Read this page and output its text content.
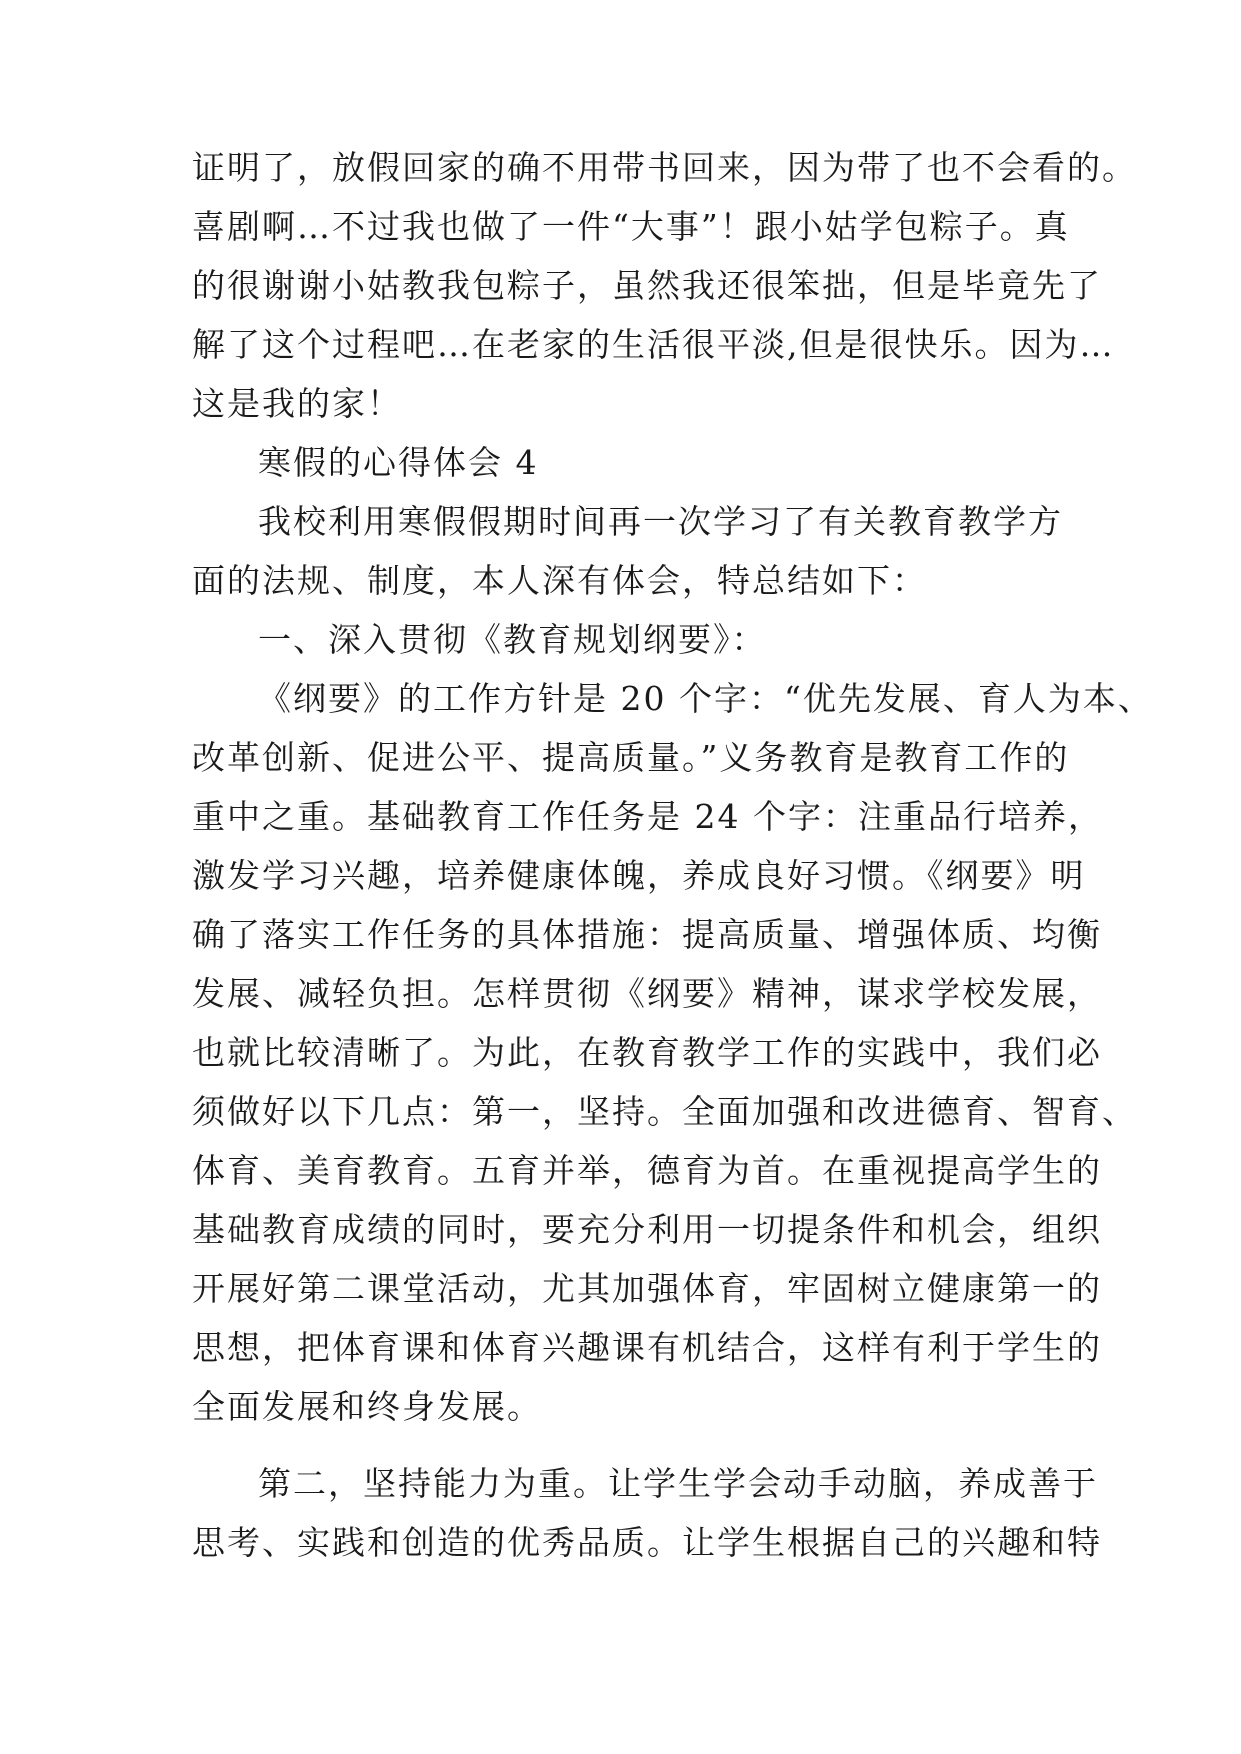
证明了，放假回家的确不用带书回来，因为带了也不会看的。
喜剧啊…不过我也做了一件“大事”！跟小姑学包粽子。真
的很谢谢小姑教我包粽子，虽然我还很笨拙，但是毕竟先了
解了这个过程吧…在老家的生活很平淡,但是很快乐。因为…
这是我的家！
寒假的心得体会 4
我校利用寒假假期时间再一次学习了有关教育教学方
面的法规、制度，本人深有体会，特总结如下：
一、深入贯彻《教育规划纲要》：
《纲要》的工作方针是 20 个字：“优先发展、育人为本、
改革创新、促进公平、提高质量。”义务教育是教育工作的
重中之重。基础教育工作任务是 24 个字：注重品行培养，
激发学习兴趣，培养健康体魄，养成良好习惯。《纲要》明
确了落实工作任务的具体措施：提高质量、增强体质、均衡
发展、减轻负担。怎样贯彻《纲要》精神，谋求学校发展，
也就比较清晰了。为此，在教育教学工作的实践中，我们必
须做好以下几点：第一，坚持。全面加强和改进德育、智育、
体育、美育教育。五育并举，德育为首。在重视提高学生的
基础教育成绩的同时，要充分利用一切提条件和机会，组织
开展好第二课堂活动，尤其加强体育，牢固树立健康第一的
思想，把体育课和体育兴趣课有机结合，这样有利于学生的
全面发展和终身发展。
第二，坚持能力为重。让学生学会动手动脑，养成善于
思考、实践和创造的优秀品质。让学生根据自己的兴趣和特
